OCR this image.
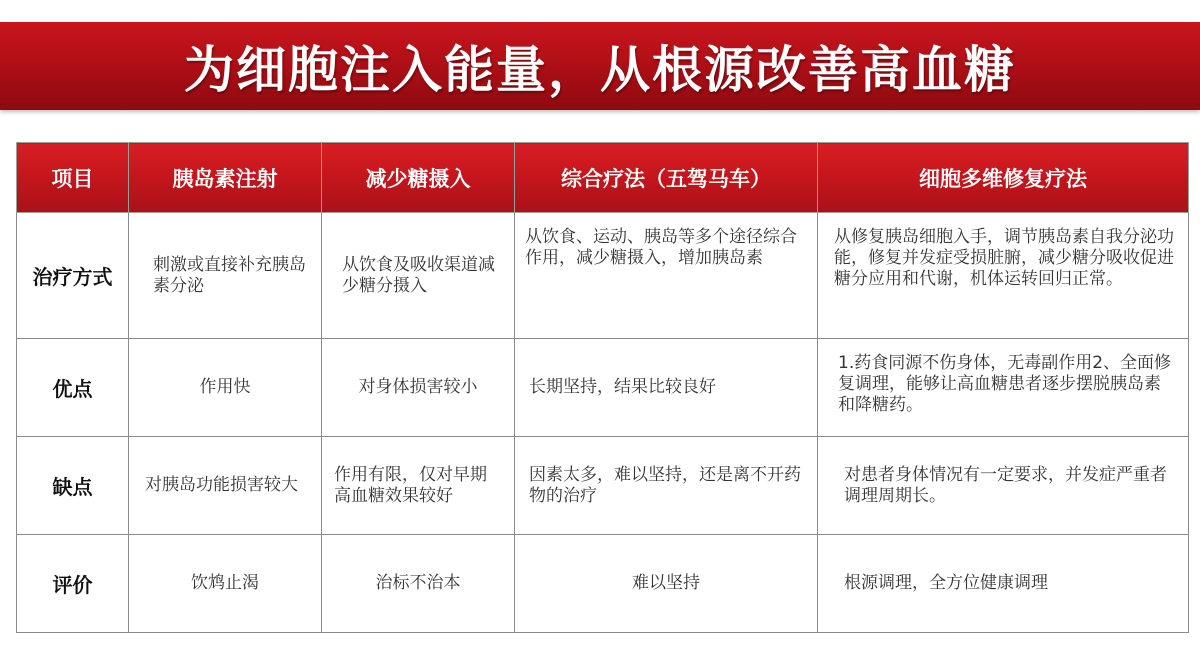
为细胞注入能量，从根源改善高血糖
项目	胰岛素注射	减少糖摄入	综合疗法（五驾马车）	细胞多维修复疗法
治疗方式	刺激或直接补充胰岛素分泌	从饮食及吸收渠道减少糖分摄入	从饮食、运动、胰岛等多个途径综合作用，减少糖摄入，增加胰岛素	从修复胰岛细胞入手，调节胰岛素自我分泌功能，修复并发症受损脏腑，减少糖分吸收促进糖分应用和代谢，机体运转回归正常。
优点	作用快	对身体损害较小	长期坚持，结果比较良好	1.药食同源不伤身体，无毒副作用2、全面修复调理，能够让高血糖患者逐步摆脱胰岛素和降糖药。
缺点	对胰岛功能损害较大	作用有限，仅对早期高血糖效果较好	因素太多，难以坚持，还是离不开药物的治疗	对患者身体情况有一定要求，并发症严重者调理周期长。
评价	饮鸩止渴	治标不治本	难以坚持	根源调理，全方位健康调理
